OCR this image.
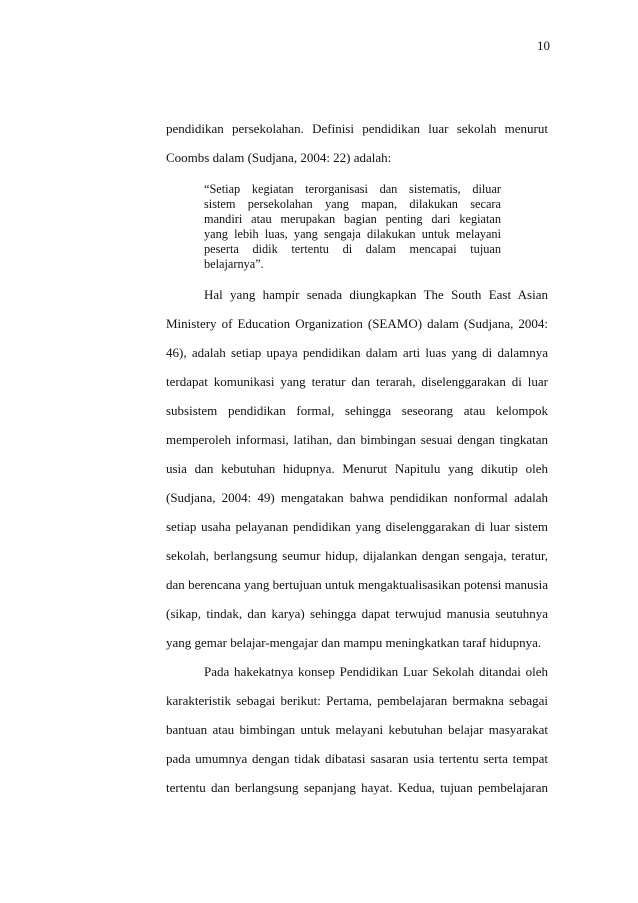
10
pendidikan persekolahan. Definisi pendidikan luar sekolah menurut
Coombs dalam (Sudjana, 2004: 22) adalah:
“Setiap kegiatan terorganisasi dan sistematis, diluar
sistem persekolahan yang mapan, dilakukan secara
mandiri atau merupakan bagian penting dari kegiatan
yang lebih luas, yang sengaja dilakukan untuk melayani
peserta didik tertentu di dalam mencapai tujuan
belajarnya”.
Hal yang hampir senada diungkapkan The South East Asian
Ministery of Education Organization (SEAMO) dalam (Sudjana, 2004:
46), adalah setiap upaya pendidikan dalam arti luas yang di dalamnya
terdapat komunikasi yang teratur dan terarah, diselenggarakan di luar
subsistem pendidikan formal, sehingga seseorang atau kelompok
memperoleh informasi, latihan, dan bimbingan sesuai dengan tingkatan
usia dan kebutuhan hidupnya. Menurut Napitulu yang dikutip oleh
(Sudjana, 2004: 49) mengatakan bahwa pendidikan nonformal adalah
setiap usaha pelayanan pendidikan yang diselenggarakan di luar sistem
sekolah, berlangsung seumur hidup, dijalankan dengan sengaja, teratur,
dan berencana yang bertujuan untuk mengaktualisasikan potensi manusia
(sikap, tindak, dan karya) sehingga dapat terwujud manusia seutuhnya
yang gemar belajar-mengajar dan mampu meningkatkan taraf hidupnya.
Pada hakekatnya konsep Pendidikan Luar Sekolah ditandai oleh
karakteristik sebagai berikut: Pertama, pembelajaran bermakna sebagai
bantuan atau bimbingan untuk melayani kebutuhan belajar masyarakat
pada umumnya dengan tidak dibatasi sasaran usia tertentu serta tempat
tertentu dan berlangsung sepanjang hayat. Kedua, tujuan pembelajaran
